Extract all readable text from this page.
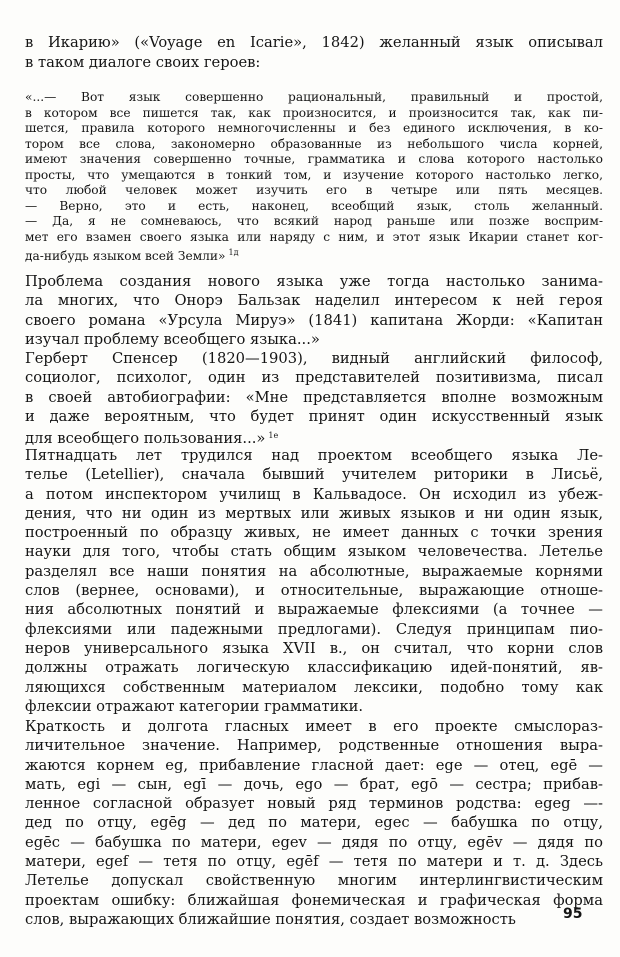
в Икарию» («Voyage en Icarie», 1842) желанный язык описывал
в таком диалоге своих героев:
«...— Вот язык совершенно рациональный, правильный и простой,
в котором все пишется так, как произносится, и произносится так, как пи-
шется, правила которого немногочисленны и без единого исключения, в ко-
тором все слова, закономерно образованные из небольшого числа корней,
имеют значения совершенно точные, грамматика и слова которого настолько
просты, что умещаются в тонкий том, и изучение которого настолько легко,
что любой человек может изучить его в четыре или пять месяцев.
— Верно, это и есть, наконец, всеобщий язык, столь желанный.
— Да, я не сомневаюсь, что всякий народ раньше или позже восприм-
мет его взамен своего языка или наряду с ним, и этот язык Икарии станет ког-
да-нибудь языком всей Земли» $^{1д}$
Проблема создания нового языка уже тогда настолько занима-
ла многих, что Онорэ Бальзак наделил интересом к ней героя
своего романа «Урсула Мируэ» (1841) капитана Жорди: «Капитан
изучал проблему всеобщего языка...»
Герберт Спенсер (1820—1903), видный английский философ,
социолог, психолог, один из представителей позитивизма, писал
в своей автобиографии: «Мне представляется вполне возможным
и даже вероятным, что будет принят один искусственный язык
для всеобщего пользования...» $^{1е}$
Пятнадцать лет трудился над проектом всеобщего языка Ле-
телье (Letellier), сначала бывший учителем риторики в Лисьё,
а потом инспектором училищ в Кальвадосе. Он исходил из убеж-
дения, что ни один из мертвых или живых языков и ни один язык,
построенный по образцу живых, не имеет данных с точки зрения
науки для того, чтобы стать общим языком человечества. Летелье
разделял все наши понятия на абсолютные, выражаемые корнями
слов (вернее, основами), и относительные, выражающие отноше-
ния абсолютных понятий и выражаемые флексиями (а точнее —
флексиями или падежными предлогами). Следуя принципам пио-
неров универсального языка XVII в., он считал, что корни слов
должны отражать логическую классификацию идей-понятий, яв-
ляющихся собственным материалом лексики, подобно тому как
флексии отражают категории грамматики.
Краткость и долгота гласных имеет в его проекте смыслораз-
личительное значение. Например, родственные отношения выра-
жаются корнем eg, прибавление гласной дает: ege — отец, egē —
мать, egi — сын, egī — дочь, ego — брат, egō — сестра; прибав-
ленное согласной образует новый ряд терминов родства: egeg —-
дед по отцу, egēg — дед по матери, egec — бабушка по отцу,
egēc — бабушка по матери, egev — дядя по отцу, egēv — дядя по
матери, egef — тетя по отцу, egēf — тетя по матери и т. д. Здесь
Летелье допускал свойственную многим интерлингвистическим
проектам ошибку: ближайшая фонемическая и графическая форма
слов, выражающих ближайшие понятия, создает возможность	95
